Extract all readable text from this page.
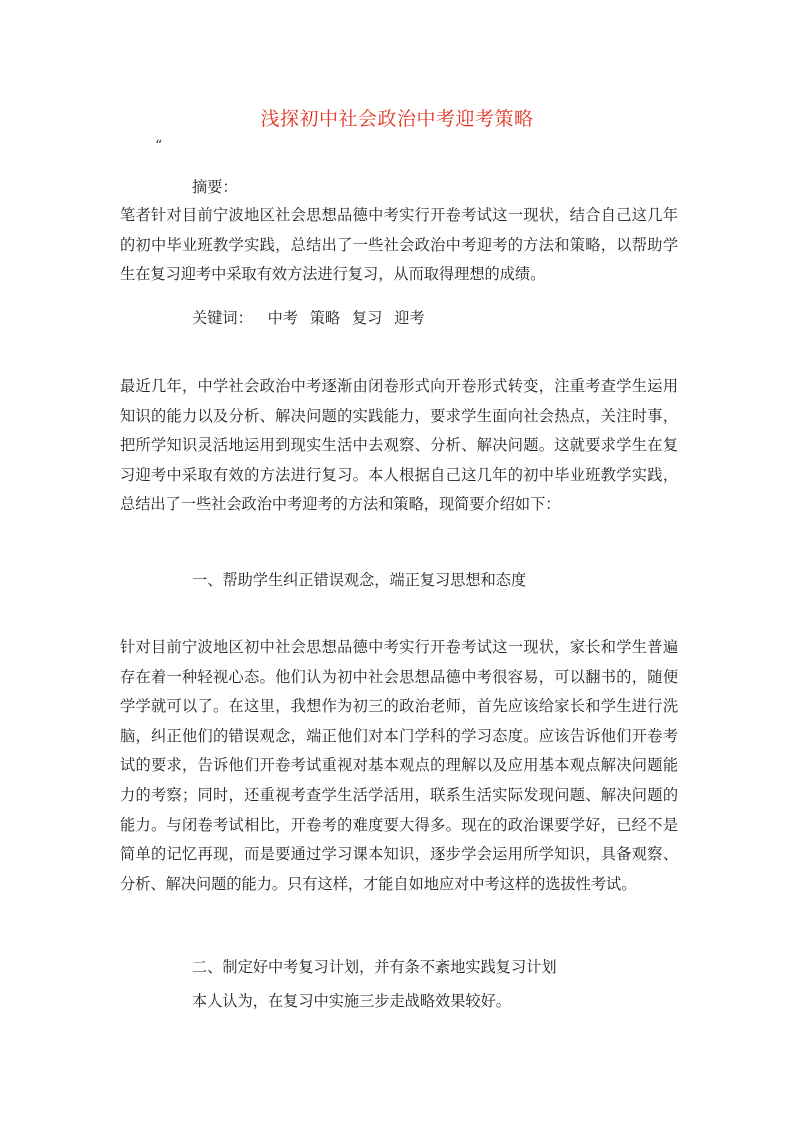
浅探初中社会政治中考迎考策略
“
摘要：

笔者针对目前宁波地区社会思想品德中考实行开卷考试这一现状，结合自己这几年的初中毕业班教学实践，总结出了一些社会政治中考迎考的方法和策略，以帮助学生在复习迎考中采取有效方法进行复习，从而取得理想的成绩。

关键词： 中考 策略 复习 迎考

最近几年，中学社会政治中考逐渐由闭卷形式向开卷形式转变，注重考查学生运用知识的能力以及分析、解决问题的实践能力，要求学生面向社会热点，关注时事，把所学知识灵活地运用到现实生活中去观察、分析、解决问题。这就要求学生在复习迎考中采取有效的方法进行复习。本人根据自己这几年的初中毕业班教学实践，总结出了一些社会政治中考迎考的方法和策略，现简要介绍如下：

一、帮助学生纠正错误观念，端正复习思想和态度

针对目前宁波地区初中社会思想品德中考实行开卷考试这一现状，家长和学生普遍存在着一种轻视心态。他们认为初中社会思想品德中考很容易，可以翻书的，随便学学就可以了。在这里，我想作为初三的政治老师，首先应该给家长和学生进行洗脑，纠正他们的错误观念，端正他们对本门学科的学习态度。应该告诉他们开卷考试的要求，告诉他们开卷考试重视对基本观点的理解以及应用基本观点解决问题能力的考察；同时，还重视考查学生活学活用，联系生活实际发现问题、解决问题的能力。与闭卷考试相比，开卷考的难度要大得多。现在的政治课要学好，已经不是简单的记忆再现，而是要通过学习课本知识，逐步学会运用所学知识，具备观察、分析、解决问题的能力。只有这样，才能自如地应对中考这样的选拔性考试。

二、制定好中考复习计划，并有条不紊地实践复习计划
本人认为，在复习中实施三步走战略效果较好。
